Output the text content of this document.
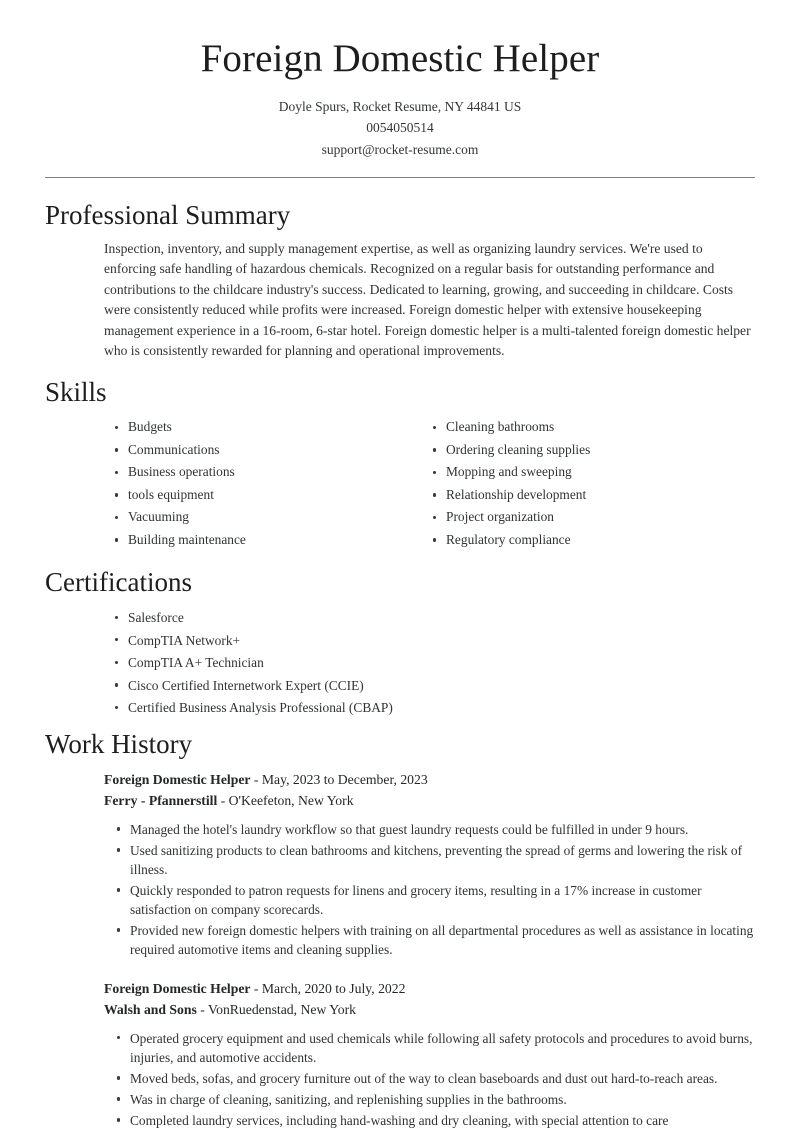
Foreign Domestic Helper
Doyle Spurs, Rocket Resume, NY 44841 US
0054050514
support@rocket-resume.com
Professional Summary

Inspection, inventory, and supply management expertise, as well as organizing laundry services. We're used to enforcing safe handling of hazardous chemicals. Recognized on a regular basis for outstanding performance and contributions to the childcare industry's success. Dedicated to learning, growing, and succeeding in childcare. Costs were consistently reduced while profits were increased. Foreign domestic helper with extensive housekeeping management experience in a 16-room, 6-star hotel. Foreign domestic helper is a multi-talented foreign domestic helper who is consistently rewarded for planning and operational improvements.

Skills
Budgets
Communications
Business operations
tools equipment
Vacuuming
Building maintenance
Cleaning bathrooms
Ordering cleaning supplies
Mopping and sweeping
Relationship development
Project organization
Regulatory compliance
Certifications
Salesforce
CompTIA Network+
CompTIA A+ Technician
Cisco Certified Internetwork Expert (CCIE)
Certified Business Analysis Professional (CBAP)
Work History
Foreign Domestic Helper - May, 2023 to December, 2023
Ferry - Pfannerstill - O'Keefeton, New York
Managed the hotel's laundry workflow so that guest laundry requests could be fulfilled in under 9 hours.
Used sanitizing products to clean bathrooms and kitchens, preventing the spread of germs and lowering the risk of illness.
Quickly responded to patron requests for linens and grocery items, resulting in a 17% increase in customer satisfaction on company scorecards.
Provided new foreign domestic helpers with training on all departmental procedures as well as assistance in locating required automotive items and cleaning supplies.
Foreign Domestic Helper - March, 2020 to July, 2022
Walsh and Sons - VonRuedenstad, New York
Operated grocery equipment and used chemicals while following all safety protocols and procedures to avoid burns, injuries, and automotive accidents.
Moved beds, sofas, and grocery furniture out of the way to clean baseboards and dust out hard-to-reach areas.
Was in charge of cleaning, sanitizing, and replenishing supplies in the bathrooms.
Completed laundry services, including hand-washing and dry cleaning, with special attention to care
